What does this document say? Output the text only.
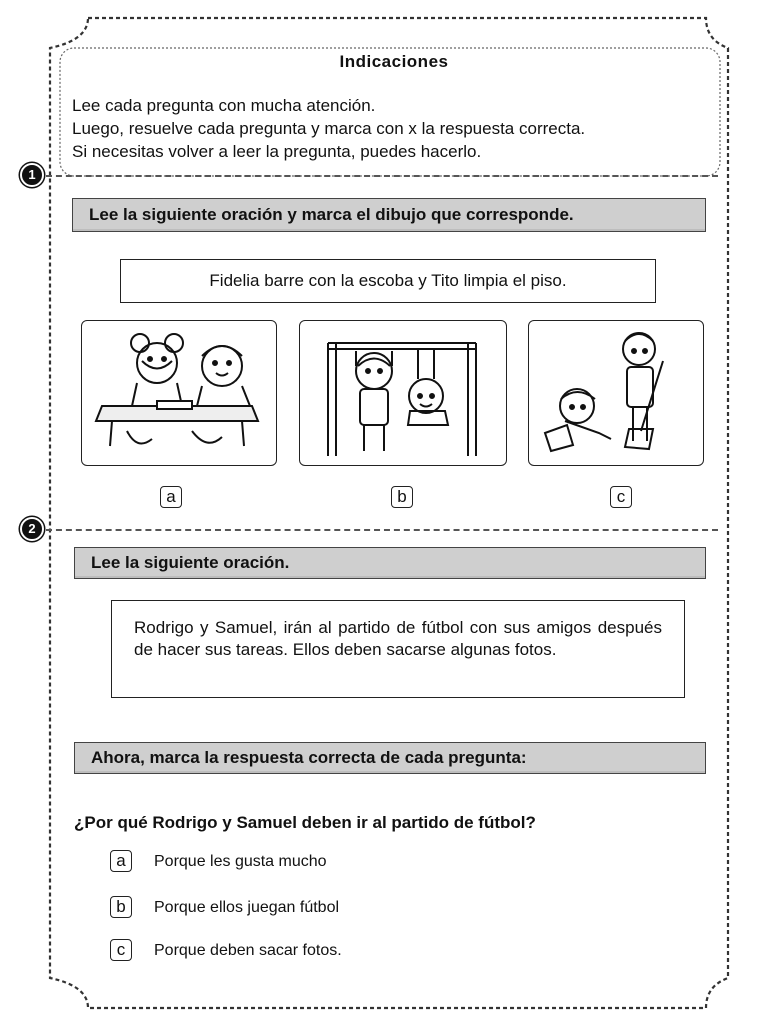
Indicaciones
Lee cada pregunta con mucha atención.
Luego, resuelve cada pregunta y marca con x la respuesta correcta.
Si necesitas volver a leer la pregunta, puedes hacerlo.
1
Lee la siguiente oración y marca el dibujo que corresponde.
Fidelia barre con la escoba y Tito limpia el piso.
a	b	c
2
Lee la siguiente oración.
Rodrigo y Samuel, irán al partido de fútbol con sus amigos después de hacer sus tareas. Ellos deben sacarse algunas fotos.
Ahora, marca la respuesta correcta de cada pregunta:
¿Por qué Rodrigo y Samuel deben ir al partido de fútbol?
a	Porque les gusta mucho
b	Porque ellos juegan fútbol
c	Porque deben sacar fotos.
